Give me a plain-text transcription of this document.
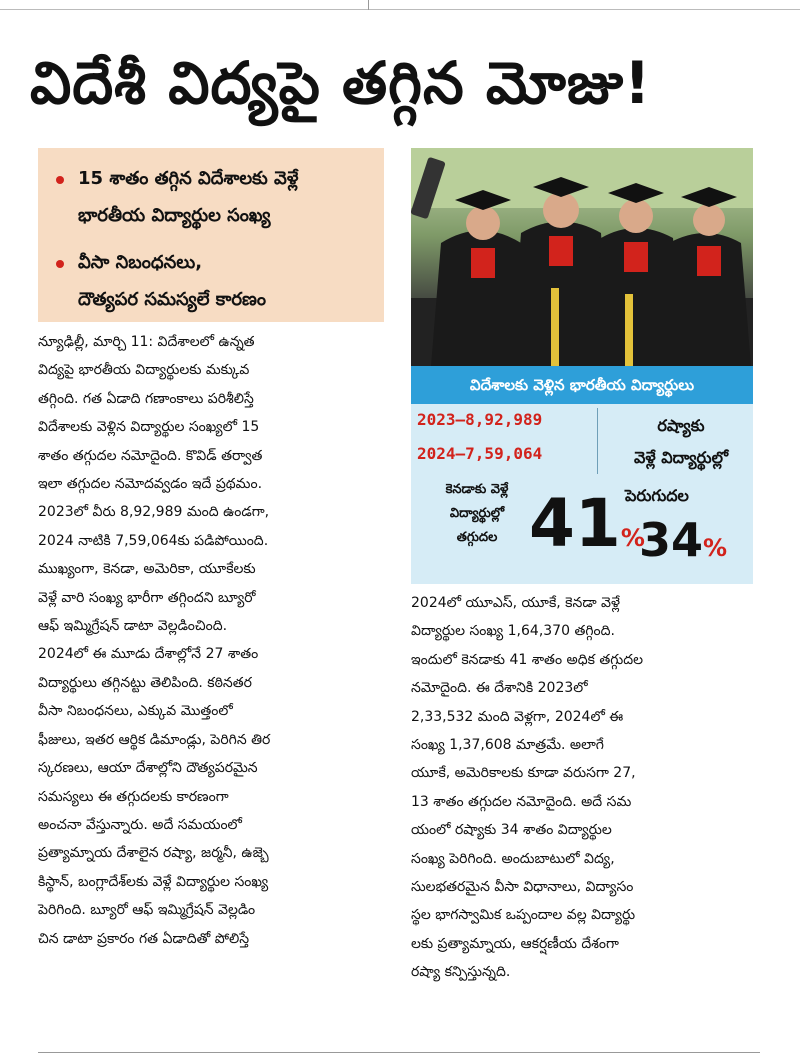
విదేశీ విద్యపై తగ్గిన మోజు!
15 శాతం తగ్గిన విదేశాలకు వెళ్లే
భారతీయ విద్యార్థుల సంఖ్య
వీసా నిబంధనలు,
దౌత్యపర సమస్యలే కారణం
విదేశాలకు వెళ్లిన భారతీయ విద్యార్థులు
2023–8,92,989
2024–7,59,064
రష్యాకు
వెళ్లే విద్యార్థుల్లో
కెనడాకు వెళ్లే
విద్యార్థుల్లో
తగ్గుదల 41%
పెరుగుదల
34%
న్యూఢిల్లీ, మార్చి 11: విదేశాలలో ఉన్నత
విద్యపై భారతీయ విద్యార్థులకు మక్కువ
తగ్గింది. గత ఏడాది గణాంకాలు పరిశీలిస్తే
విదేశాలకు వెళ్లిన విద్యార్థుల సంఖ్యలో 15
శాతం తగ్గుదల నమోదైంది. కొవిడ్ తర్వాత
ఇలా తగ్గుదల నమోదవ్వడం ఇదే ప్రథమం.
2023లో వీరు 8,92,989 మంది ఉండగా,
2024 నాటికి 7,59,064కు పడిపోయింది.
ముఖ్యంగా, కెనడా, అమెరికా, యూకేలకు
వెళ్లే వారి సంఖ్య భారీగా తగ్గిందని బ్యూరో
ఆఫ్ ఇమ్మిగ్రేషన్ డాటా వెల్లడించింది.
2024లో ఈ మూడు దేశాల్లోనే 27 శాతం
విద్యార్థులు తగ్గినట్టు తెలిపింది. కఠినతర
వీసా నిబంధనలు, ఎక్కువ మొత్తంలో
ఫీజులు, ఇతర ఆర్థిక డిమాండ్లు, పెరిగిన తిర
స్కరణలు, ఆయా దేశాల్లోని దౌత్యపరమైన
సమస్యలు ఈ తగ్గుదలకు కారణంగా
అంచనా వేస్తున్నారు. అదే సమయంలో
ప్రత్యామ్నాయ దేశాలైన రష్యా, జర్మనీ, ఉజ్బె
కిస్థాన్, బంగ్లాదేశ్‌లకు వెళ్లే విద్యార్థుల సంఖ్య
పెరిగింది. బ్యూరో ఆఫ్ ఇమ్మిగ్రేషన్ వెల్లడిం
చిన డాటా ప్రకారం గత ఏడాదితో పోలిస్తే
2024లో యూఎస్, యూకే, కెనడా వెళ్లే
విద్యార్థుల సంఖ్య 1,64,370 తగ్గింది.
ఇందులో కెనడాకు 41 శాతం అధిక తగ్గుదల
నమోదైంది. ఈ దేశానికి 2023లో
2,33,532 మంది వెళ్లగా, 2024లో ఈ
సంఖ్య 1,37,608 మాత్రమే. అలాగే
యూకే, అమెరికాలకు కూడా వరుసగా 27,
13 శాతం తగ్గుదల నమోదైంది. అదే సమ
యంలో రష్యాకు 34 శాతం విద్యార్థుల
సంఖ్య పెరిగింది. అందుబాటులో విద్య,
సులభతరమైన వీసా విధానాలు, విద్యాసం
స్థల భాగస్వామిక ఒప్పందాల వల్ల విద్యార్థు
లకు ప్రత్యామ్నాయ, ఆకర్షణీయ దేశంగా
రష్యా కన్పిస్తున్నది.
